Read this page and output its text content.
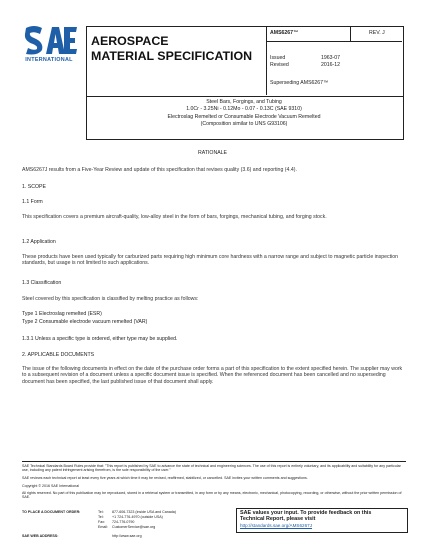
INTERNATIONAL
AEROSPACE
MATERIAL SPECIFICATION
AMS6267™	REV. J
Issued	1963-07
Revised	2016-12
Superseding AMS6267™
Steel Bars, Forgings, and Tubing
1.0Cr - 3.25Ni - 0.12Mo - 0.07 - 0.13C (SAE 9310)
Electroslag Remelted or Consumable Electrode Vacuum Remelted
(Composition similar to UNS G93106)
RATIONALE
AMS6267J results from a Five-Year Review and update of this specification that revises quality (3.6) and reporting (4.4).
1. SCOPE
1.1 Form
This specification covers a premium aircraft-quality, low-alloy steel in the form of bars, forgings, mechanical tubing, and forging stock.
1.2 Application
These products have been used typically for carburized parts requiring high minimum core hardness with a narrow range and subject to magnetic particle inspection standards, but usage is not limited to such applications.
1.3 Classification
Steel covered by this specification is classified by melting practice as follows:
Type 1 Electroslag remelted (ESR)
Type 2 Consumable electrode vacuum remelted (VAR)
1.3.1 Unless a specific type is ordered, either type may be supplied.
2. APPLICABLE DOCUMENTS
The issue of the following documents in effect on the date of the purchase order forms a part of this specification to the extent specified herein. The supplier may work to a subsequent revision of a document unless a specific document issue is specified. When the referenced document has been cancelled and no superseding document has been specified, the last published issue of that document shall apply.
SAE Technical Standards Board Rules provide that: "This report is published by SAE to advance the state of technical and engineering sciences. The use of this report is entirely voluntary, and its applicability and suitability for any particular use, including any patent infringement arising therefrom, is the sole responsibility of the user."
SAE reviews each technical report at least every five years at which time it may be revised, reaffirmed, stabilized, or cancelled. SAE invites your written comments and suggestions.
Copyright © 2016 SAE International
All rights reserved. No part of this publication may be reproduced, stored in a retrieval system or transmitted, in any form or by any means, electronic, mechanical, photocopying, recording, or otherwise, without the prior written permission of SAE.
TO PLACE A DOCUMENT ORDER:	Tel: 877-606-7323 (inside USA and Canada)
Tel: +1 724-776-4970 (outside USA)
Fax: 724-776-0790
Email: CustomerService@sae.org
SAE WEB ADDRESS:	http://www.sae.org
SAE values your input. To provide feedback on this
Technical Report, please visit
http://standards.sae.org/AMS6267J
